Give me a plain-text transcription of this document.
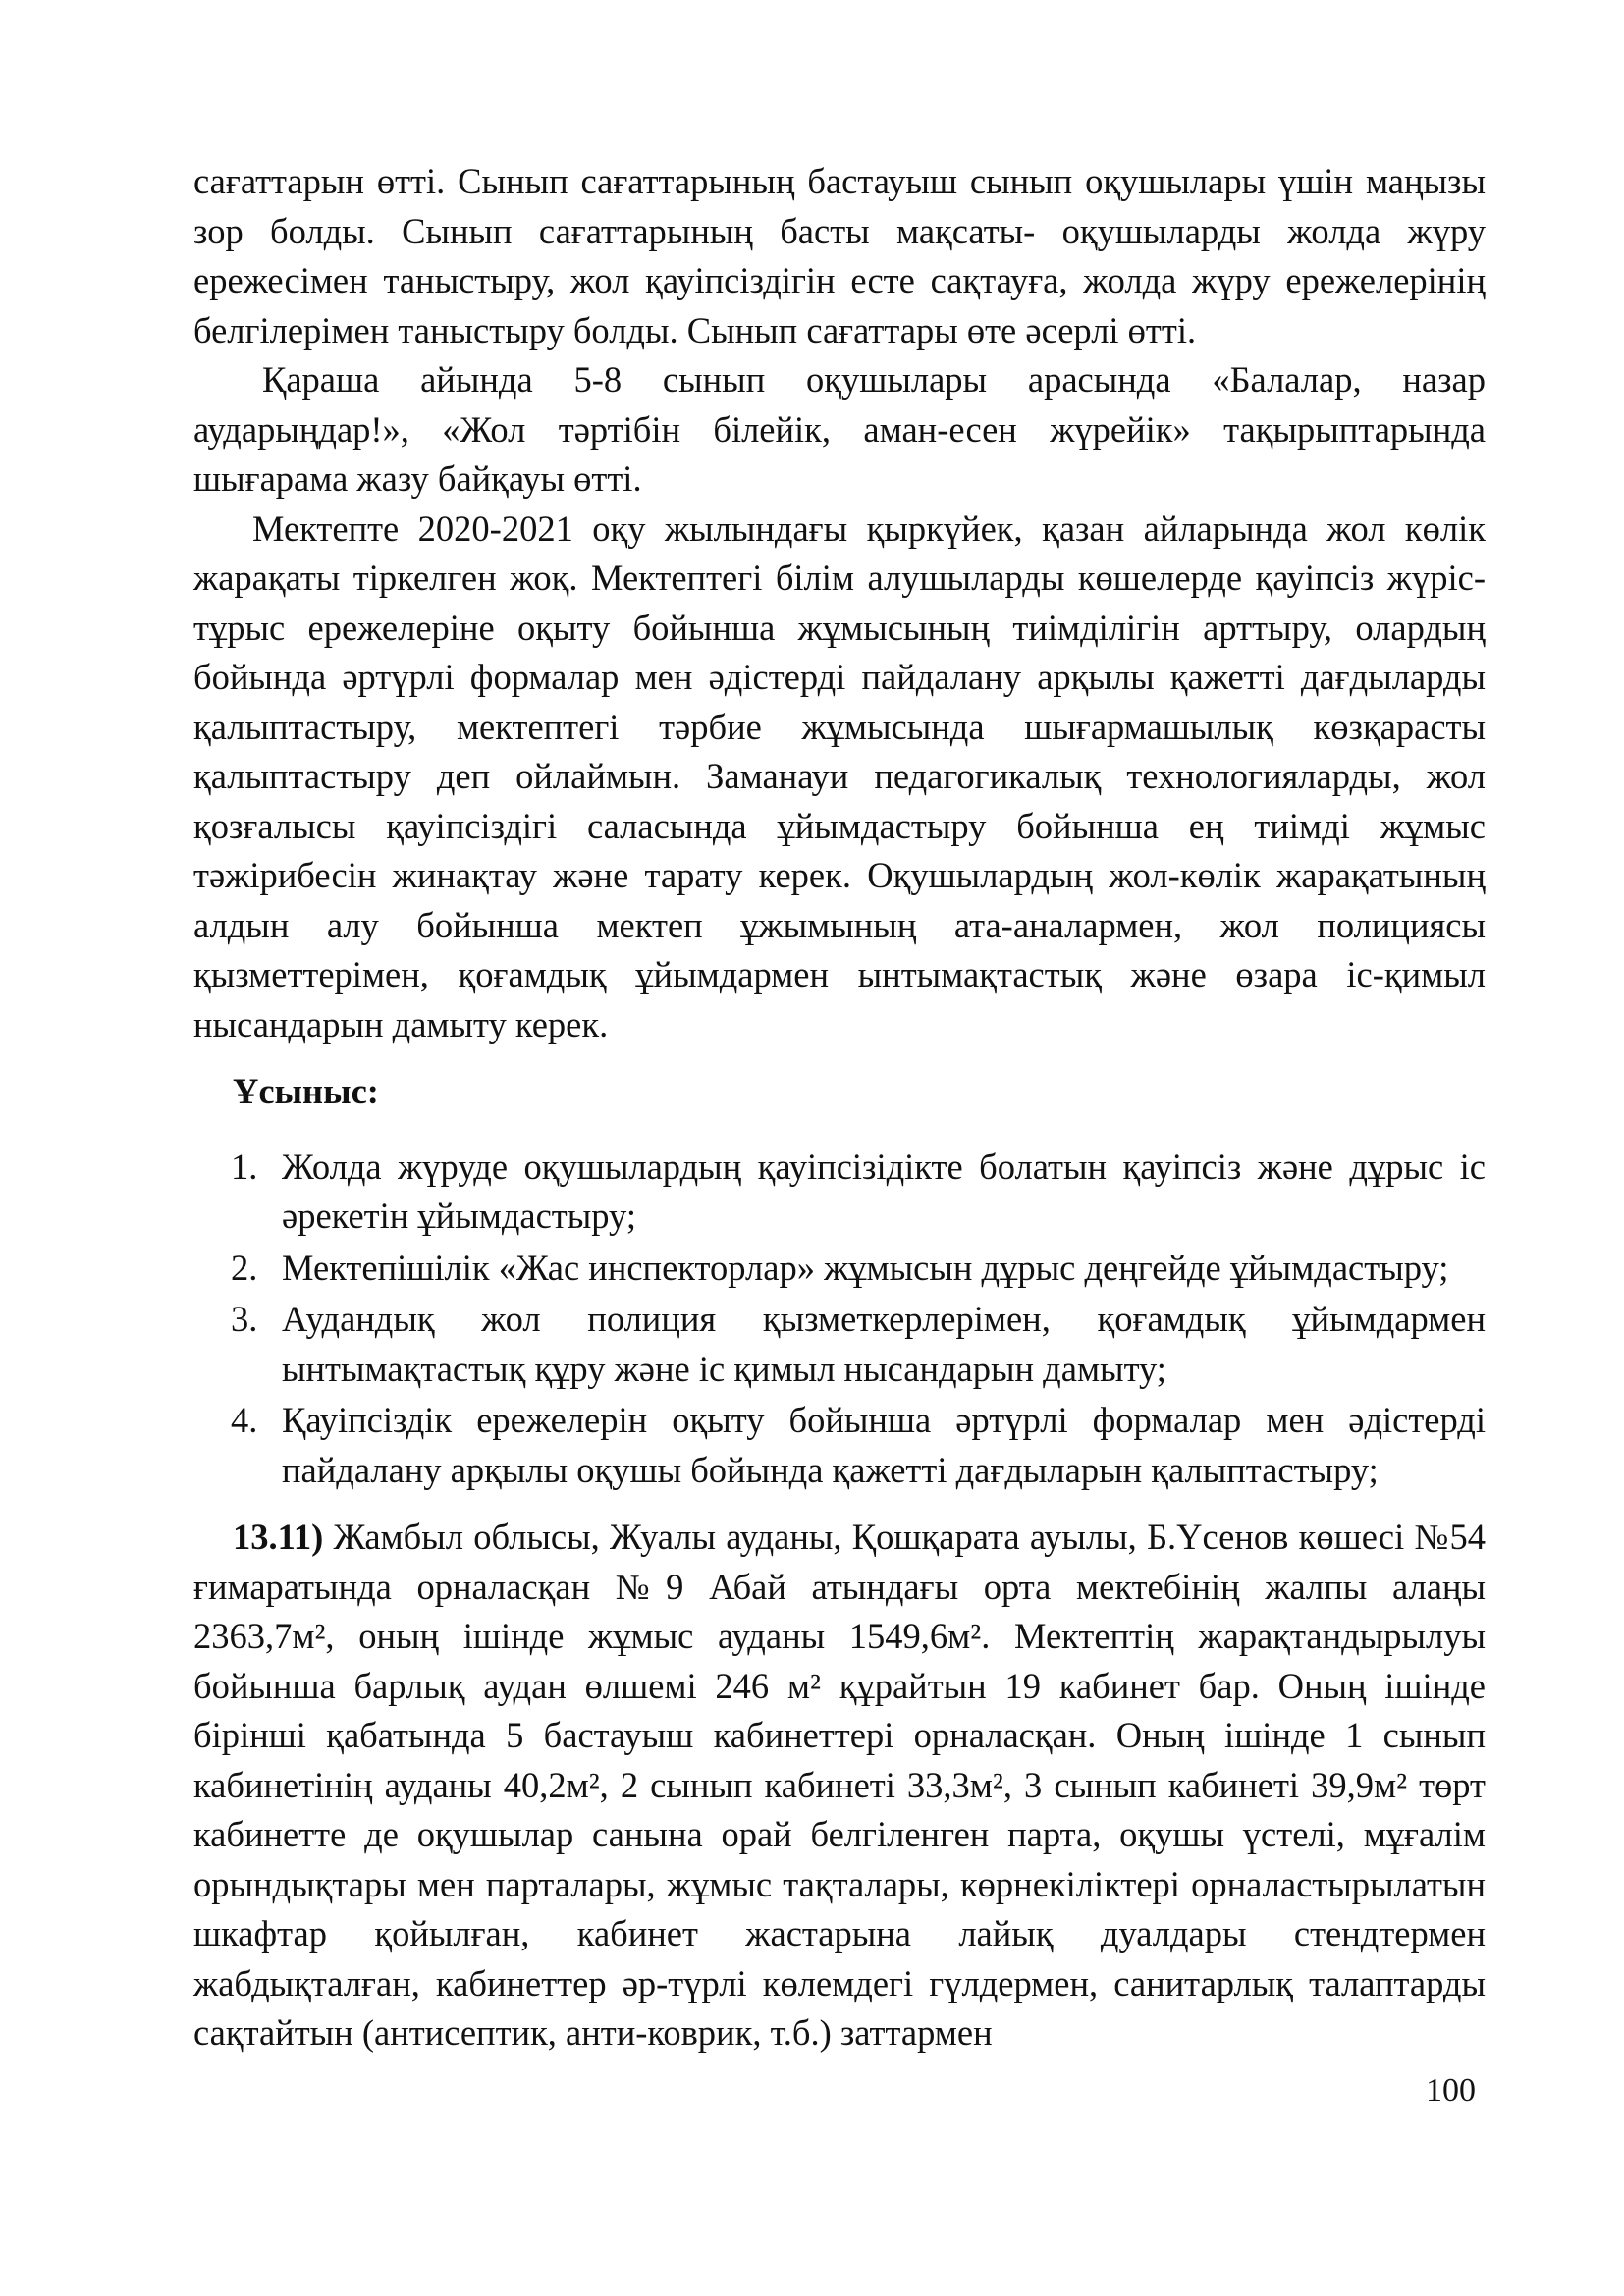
сағаттарын өтті. Сынып сағаттарының бастауыш сынып оқушылары үшін маңызы зор болды. Сынып сағаттарының басты мақсаты- оқушыларды жолда жүру ережесімен таныстыру, жол қауіпсіздігін есте сақтауға, жолда жүру ережелерінің белгілерімен таныстыру болды. Сынып сағаттары өте әсерлі өтті.

Қараша айында 5-8 сынып оқушылары арасында «Балалар, назар аударыңдар!», «Жол тәртібін білейік, аман-есен жүрейік» тақырыптарында шығарама жазу байқауы өтті.

Мектепте 2020-2021 оқу жылындағы қыркүйек, қазан айларында жол көлік жарақаты тіркелген жоқ. Мектептегі білім алушыларды көшелерде қауіпсіз жүріс-тұрыс ережелеріне оқыту бойынша жұмысының тиімділігін арттыру, олардың бойында әртүрлі формалар мен әдістерді пайдалану арқылы қажетті дағдыларды қалыптастыру, мектептегі тәрбие жұмысында шығармашылық көзқарасты қалыптастыру деп ойлаймын. Заманауи педагогикалық технологияларды, жол қозғалысы қауіпсіздігі саласында ұйымдастыру бойынша ең тиімді жұмыс тәжірибесін жинақтау және тарату керек. Оқушылардың жол-көлік жарақатының алдын алу бойынша мектеп ұжымының ата-аналармен, жол полициясы қызметтерімен, қоғамдық ұйымдармен ынтымақтастық және өзара іс-қимыл нысандарын дамыту керек.

Ұсыныс:
1. Жолда жүруде оқушылардың қауіпсізідікте болатын қауіпсіз және дұрыс іс әрекетін ұйымдастыру;
2. Мектепішілік «Жас инспекторлар» жұмысын дұрыс деңгейде ұйымдастыру;
3. Аудандық жол полиция қызметкерлерімен, қоғамдық ұйымдармен ынтымақтастық құру және іс қимыл нысандарын дамыту;
4. Қауіпсіздік ережелерін оқыту бойынша әртүрлі формалар мен әдістерді пайдалану арқылы оқушы бойында қажетті дағдыларын қалыптастыру;

13.11) Жамбыл облысы, Жуалы ауданы, Қошқарата ауылы, Б.Үсенов көшесі №54 ғимаратында орналасқан №9 Абай атындағы орта мектебінің жалпы алаңы 2363,7м², оның ішінде жұмыс ауданы 1549,6м². Мектептің жарақтандырылуы бойынша барлық аудан өлшемі 246 м² құрайтын 19 кабинет бар. Оның ішінде бірінші қабатында 5 бастауыш кабинеттері орналасқан. Оның ішінде 1 сынып кабинетінің ауданы 40,2м², 2 сынып кабинеті 33,3м², 3 сынып кабинеті 39,9м² төрт кабинетте де оқушылар санына орай белгіленген парта, оқушы үстелі, мұғалім орындықтары мен парталары, жұмыс тақталары, көрнекіліктері орналастырылатын шкафтар қойылған, кабинет жастарына лайық дуалдары стендтермен жабдықталған, кабинеттер әр-түрлі көлемдегі гүлдермен, санитарлық талаптарды сақтайтын (антисептик, анти-коврик, т.б.) заттармен

100
